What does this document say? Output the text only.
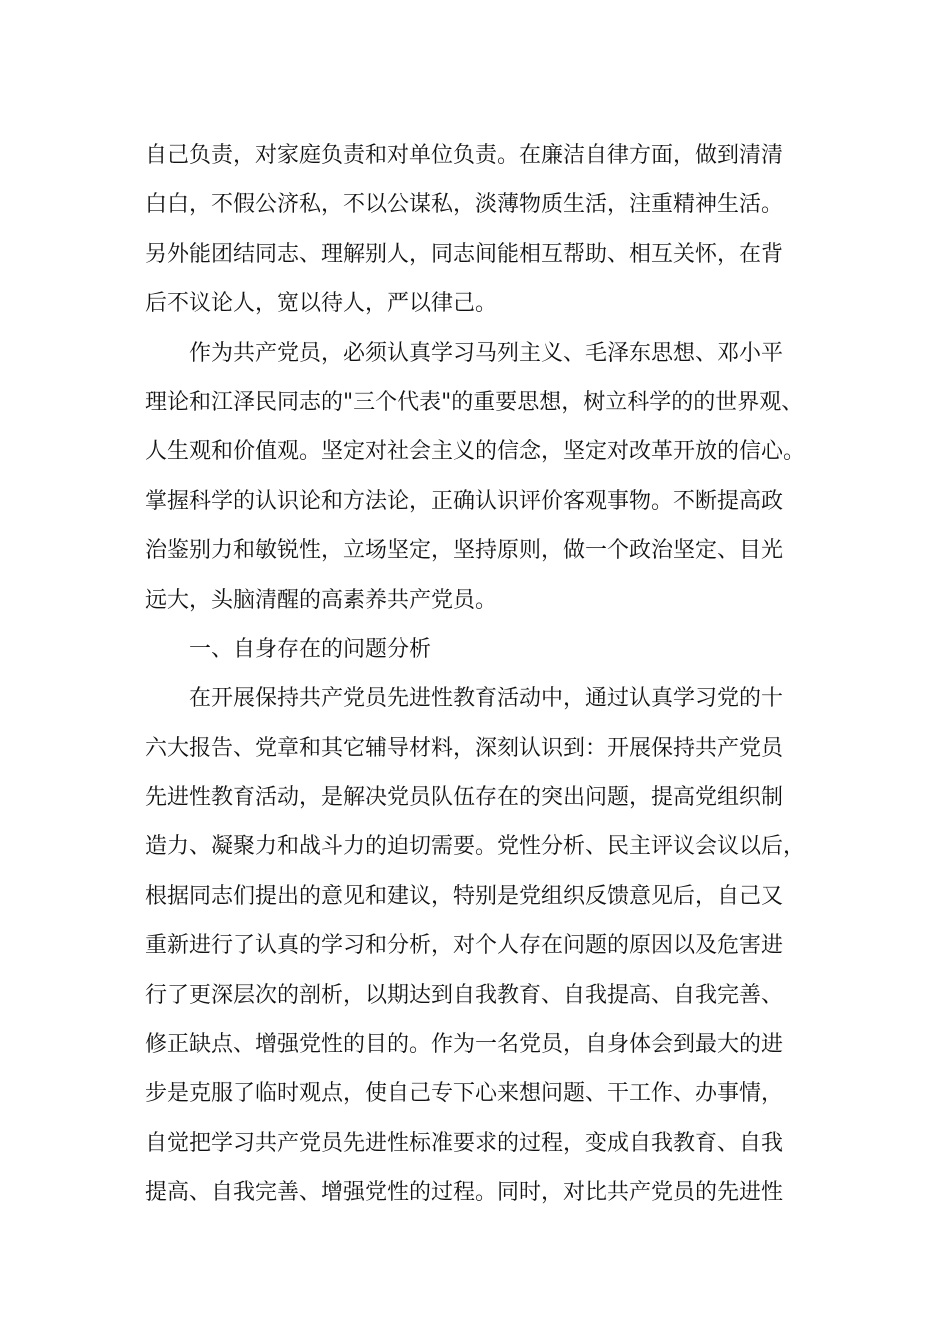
自己负责，对家庭负责和对单位负责。在廉洁自律方面，做到清清
白白，不假公济私，不以公谋私，淡薄物质生活，注重精神生活。
另外能团结同志、理解别人，同志间能相互帮助、相互关怀，在背
后不议论人，宽以待人，严以律己。
作为共产党员，必须认真学习马列主义、毛泽东思想、邓小平
理论和江泽民同志的"三个代表"的重要思想，树立科学的的世界观、
人生观和价值观。坚定对社会主义的信念，坚定对改革开放的信心。
掌握科学的认识论和方法论，正确认识评价客观事物。不断提高政
治鉴别力和敏锐性，立场坚定，坚持原则，做一个政治坚定、目光
远大，头脑清醒的高素养共产党员。
一、自身存在的问题分析
在开展保持共产党员先进性教育活动中，通过认真学习党的十
六大报告、党章和其它辅导材料，深刻认识到：开展保持共产党员
先进性教育活动，是解决党员队伍存在的突出问题，提高党组织制
造力、凝聚力和战斗力的迫切需要。党性分析、民主评议会议以后，
根据同志们提出的意见和建议，特别是党组织反馈意见后，自己又
重新进行了认真的学习和分析，对个人存在问题的原因以及危害进
行了更深层次的剖析，以期达到自我教育、自我提高、自我完善、
修正缺点、增强党性的目的。作为一名党员，自身体会到最大的进
步是克服了临时观点，使自己专下心来想问题、干工作、办事情，
自觉把学习共产党员先进性标准要求的过程，变成自我教育、自我
提高、自我完善、增强党性的过程。同时，对比共产党员的先进性
